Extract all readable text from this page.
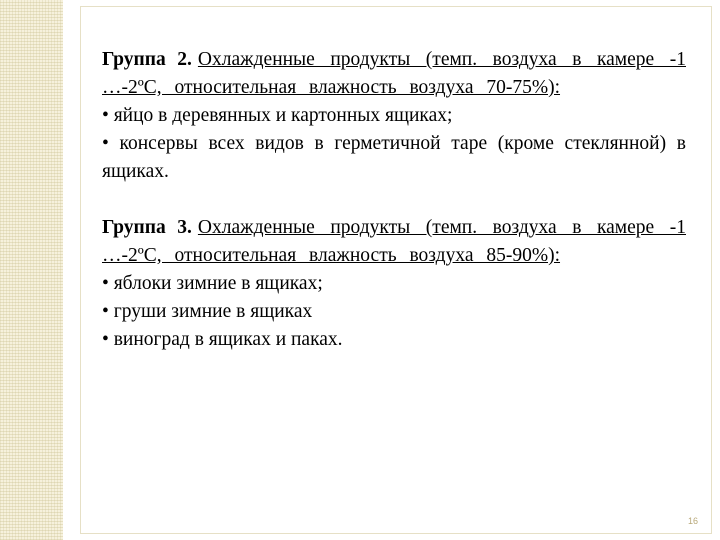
Группа 2. Охлажденные продукты (темп. воздуха в камере -1 …-2ºС, относительная влажность воздуха 70-75%):

• яйцо в деревянных и картонных ящиках;
• консервы всех видов в герметичной таре (кроме стеклянной) в ящиках.

Группа 3. Охлажденные продукты (темп. воздуха в камере -1 …-2ºС, относительная влажность воздуха 85-90%):

• яблоки зимние в ящиках;
• груши зимние в ящиках
• виноград в ящиках и паках.
16
